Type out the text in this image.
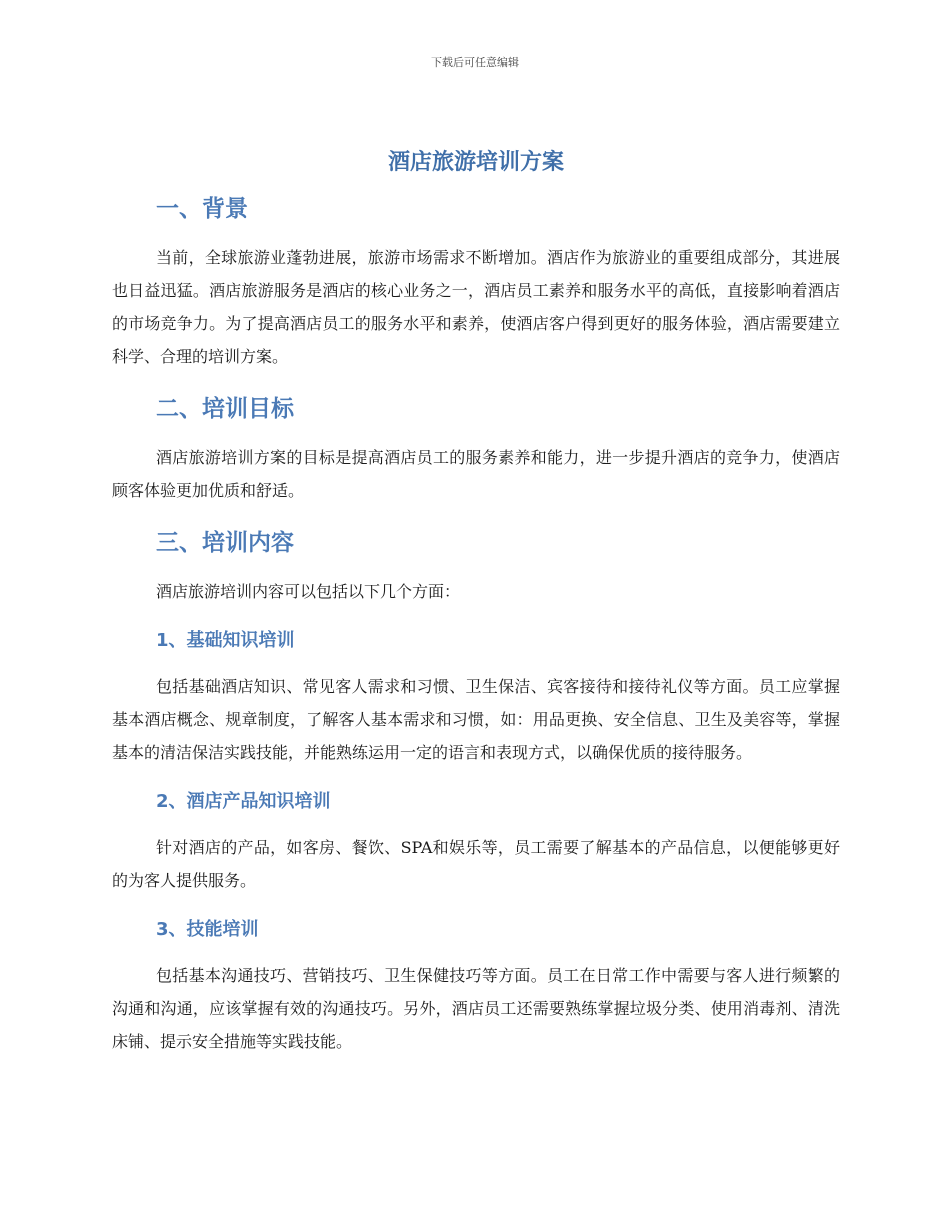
下载后可任意编辑
酒店旅游培训方案
一、背景

当前，全球旅游业蓬勃进展，旅游市场需求不断增加。酒店作为旅游业的重要组成部分，其进展也日益迅猛。酒店旅游服务是酒店的核心业务之一，酒店员工素养和服务水平的高低，直接影响着酒店的市场竞争力。为了提高酒店员工的服务水平和素养，使酒店客户得到更好的服务体验，酒店需要建立科学、合理的培训方案。

二、培训目标

酒店旅游培训方案的目标是提高酒店员工的服务素养和能力，进一步提升酒店的竞争力，使酒店顾客体验更加优质和舒适。

三、培训内容

酒店旅游培训内容可以包括以下几个方面：

1、基础知识培训

包括基础酒店知识、常见客人需求和习惯、卫生保洁、宾客接待和接待礼仪等方面。员工应掌握基本酒店概念、规章制度，了解客人基本需求和习惯，如：用品更换、安全信息、卫生及美容等，掌握基本的清洁保洁实践技能，并能熟练运用一定的语言和表现方式，以确保优质的接待服务。

2、酒店产品知识培训

针对酒店的产品，如客房、餐饮、SPA和娱乐等，员工需要了解基本的产品信息，以便能够更好的为客人提供服务。

3、技能培训

包括基本沟通技巧、营销技巧、卫生保健技巧等方面。员工在日常工作中需要与客人进行频繁的沟通和沟通，应该掌握有效的沟通技巧。另外，酒店员工还需要熟练掌握垃圾分类、使用消毒剂、清洗床铺、提示安全措施等实践技能。
